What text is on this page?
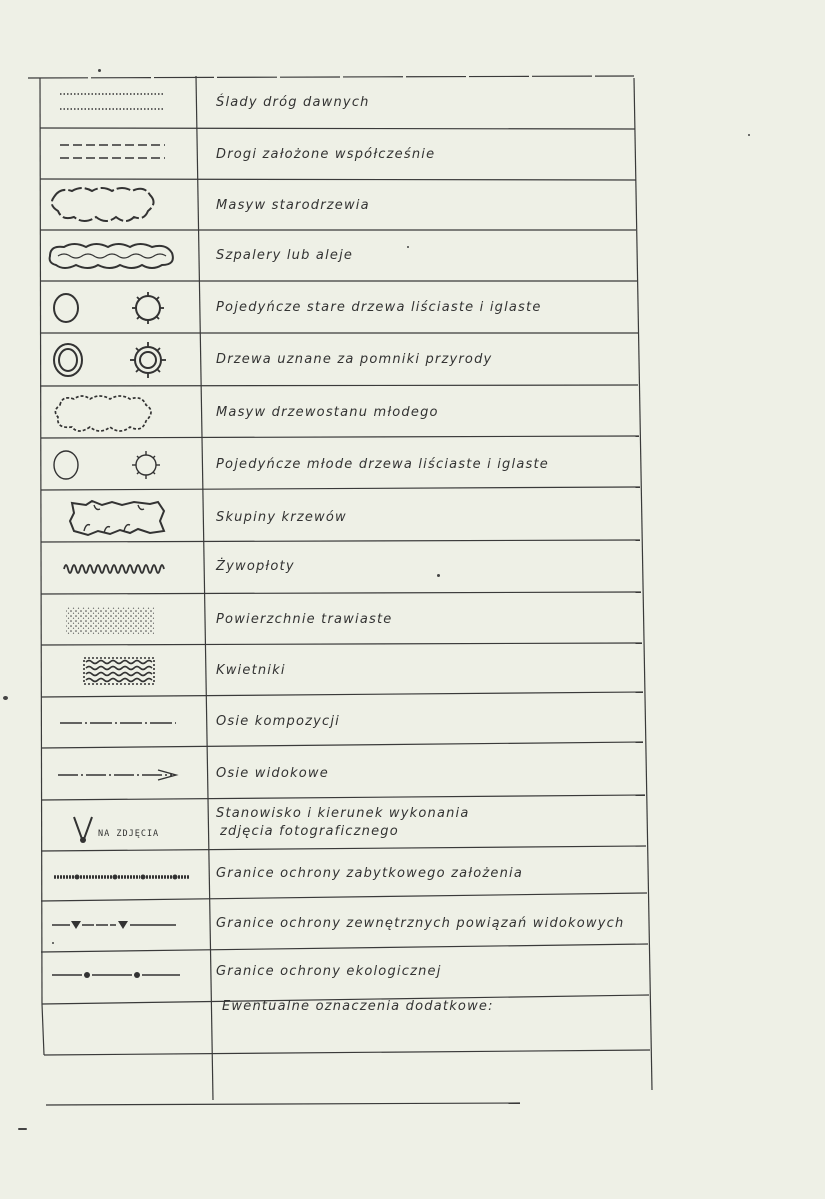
Ślady dróg dawnych
Drogi założone współcześnie
Masyw starodrzewia
Szpalery lub aleje
Pojedyńcze stare drzewa liściaste i iglaste
Drzewa uznane za pomniki przyrody
Masyw drzewostanu młodego
Pojedyńcze młode drzewa liściaste i iglaste
Skupiny krzewów
Żywopłoty
Powierzchnie trawiaste
Kwietniki
Osie kompozycji
Osie widokowe
NA ZDJĘCIA
Stanowisko i kierunek wykonania
zdjęcia fotograficznego
Granice ochrony zabytkowego założenia
Granice ochrony zewnętrznych powiązań widokowych
Granice ochrony ekologicznej
Ewentualne oznaczenia dodatkowe:
